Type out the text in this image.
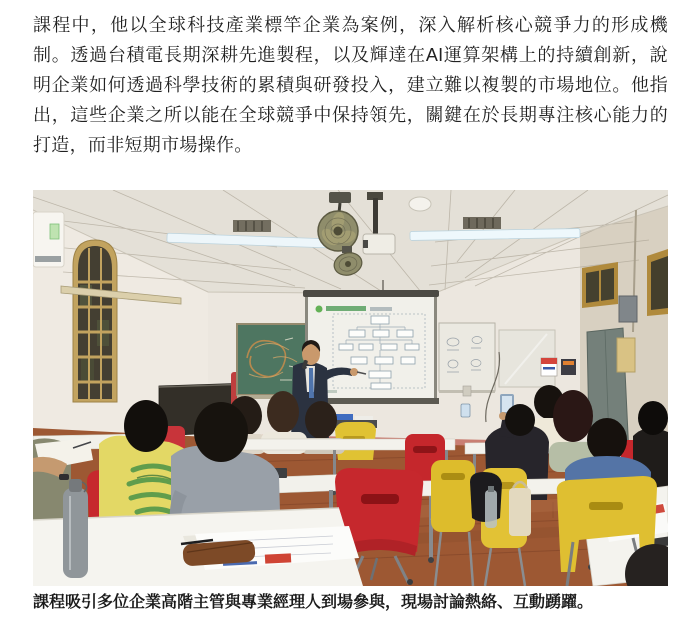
課程中，他以全球科技產業標竿企業為案例，深入解析核心競爭力的形成機制。透過台積電長期深耕先進製程，以及輝達在AI運算架構上的持續創新，說明企業如何透過科學技術的累積與研發投入，建立難以複製的市場地位。他指出，這些企業之所以能在全球競爭中保持領先，關鍵在於長期專注核心能力的打造，而非短期市場操作。

課程吸引多位企業高階主管與專業經理人到場參與，現場討論熱絡、互動踴躍。
